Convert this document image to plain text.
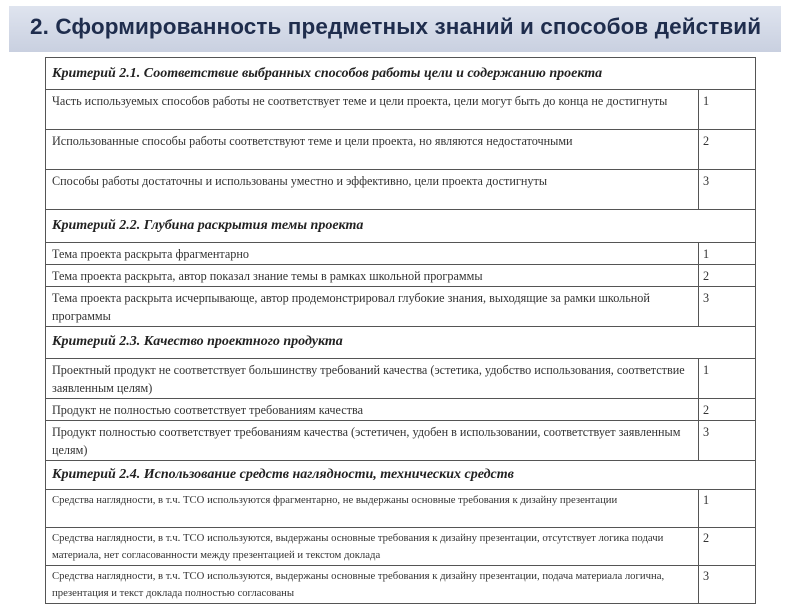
2. Сформированность предметных знаний и способов действий
Критерий 2.1. Соответствие выбранных способов работы цели и содержанию проекта	
Часть используемых способов работы не соответствует теме и цели проекта, цели могут быть до конца не достигнуты	1
Использованные способы работы соответствуют теме и цели проекта, но являются недостаточными	2
Способы работы достаточны и использованы уместно и эффективно, цели проекта достигнуты	3
Критерий 2.2. Глубина раскрытия темы проекта	
Тема проекта раскрыта фрагментарно	1
Тема проекта раскрыта, автор показал знание темы в рамках школьной программы	2
Тема проекта раскрыта исчерпывающе, автор продемонстрировал глубокие знания, выходящие за рамки школьной программы	3
Критерий 2.3. Качество проектного продукта	
Проектный продукт не соответствует большинству требований качества (эстетика, удобство использования, соответствие заявленным целям)	1
Продукт не полностью соответствует требованиям качества	2
Продукт полностью соответствует требованиям качества (эстетичен, удобен в использовании, соответствует заявленным целям)	3
Критерий 2.4. Использование средств наглядности, технических средств	
Средства наглядности, в т.ч. ТСО используются фрагментарно, не выдержаны основные требования к дизайну презентации	1
Средства наглядности, в т.ч. ТСО используются, выдержаны основные требования к дизайну презентации, отсутствует логика подачи материала, нет согласованности между презентацией и текстом доклада	2
Средства наглядности, в т.ч. ТСО используются, выдержаны основные требования к дизайну презентации, подача материала логична, презентация и текст доклада полностью согласованы	3
